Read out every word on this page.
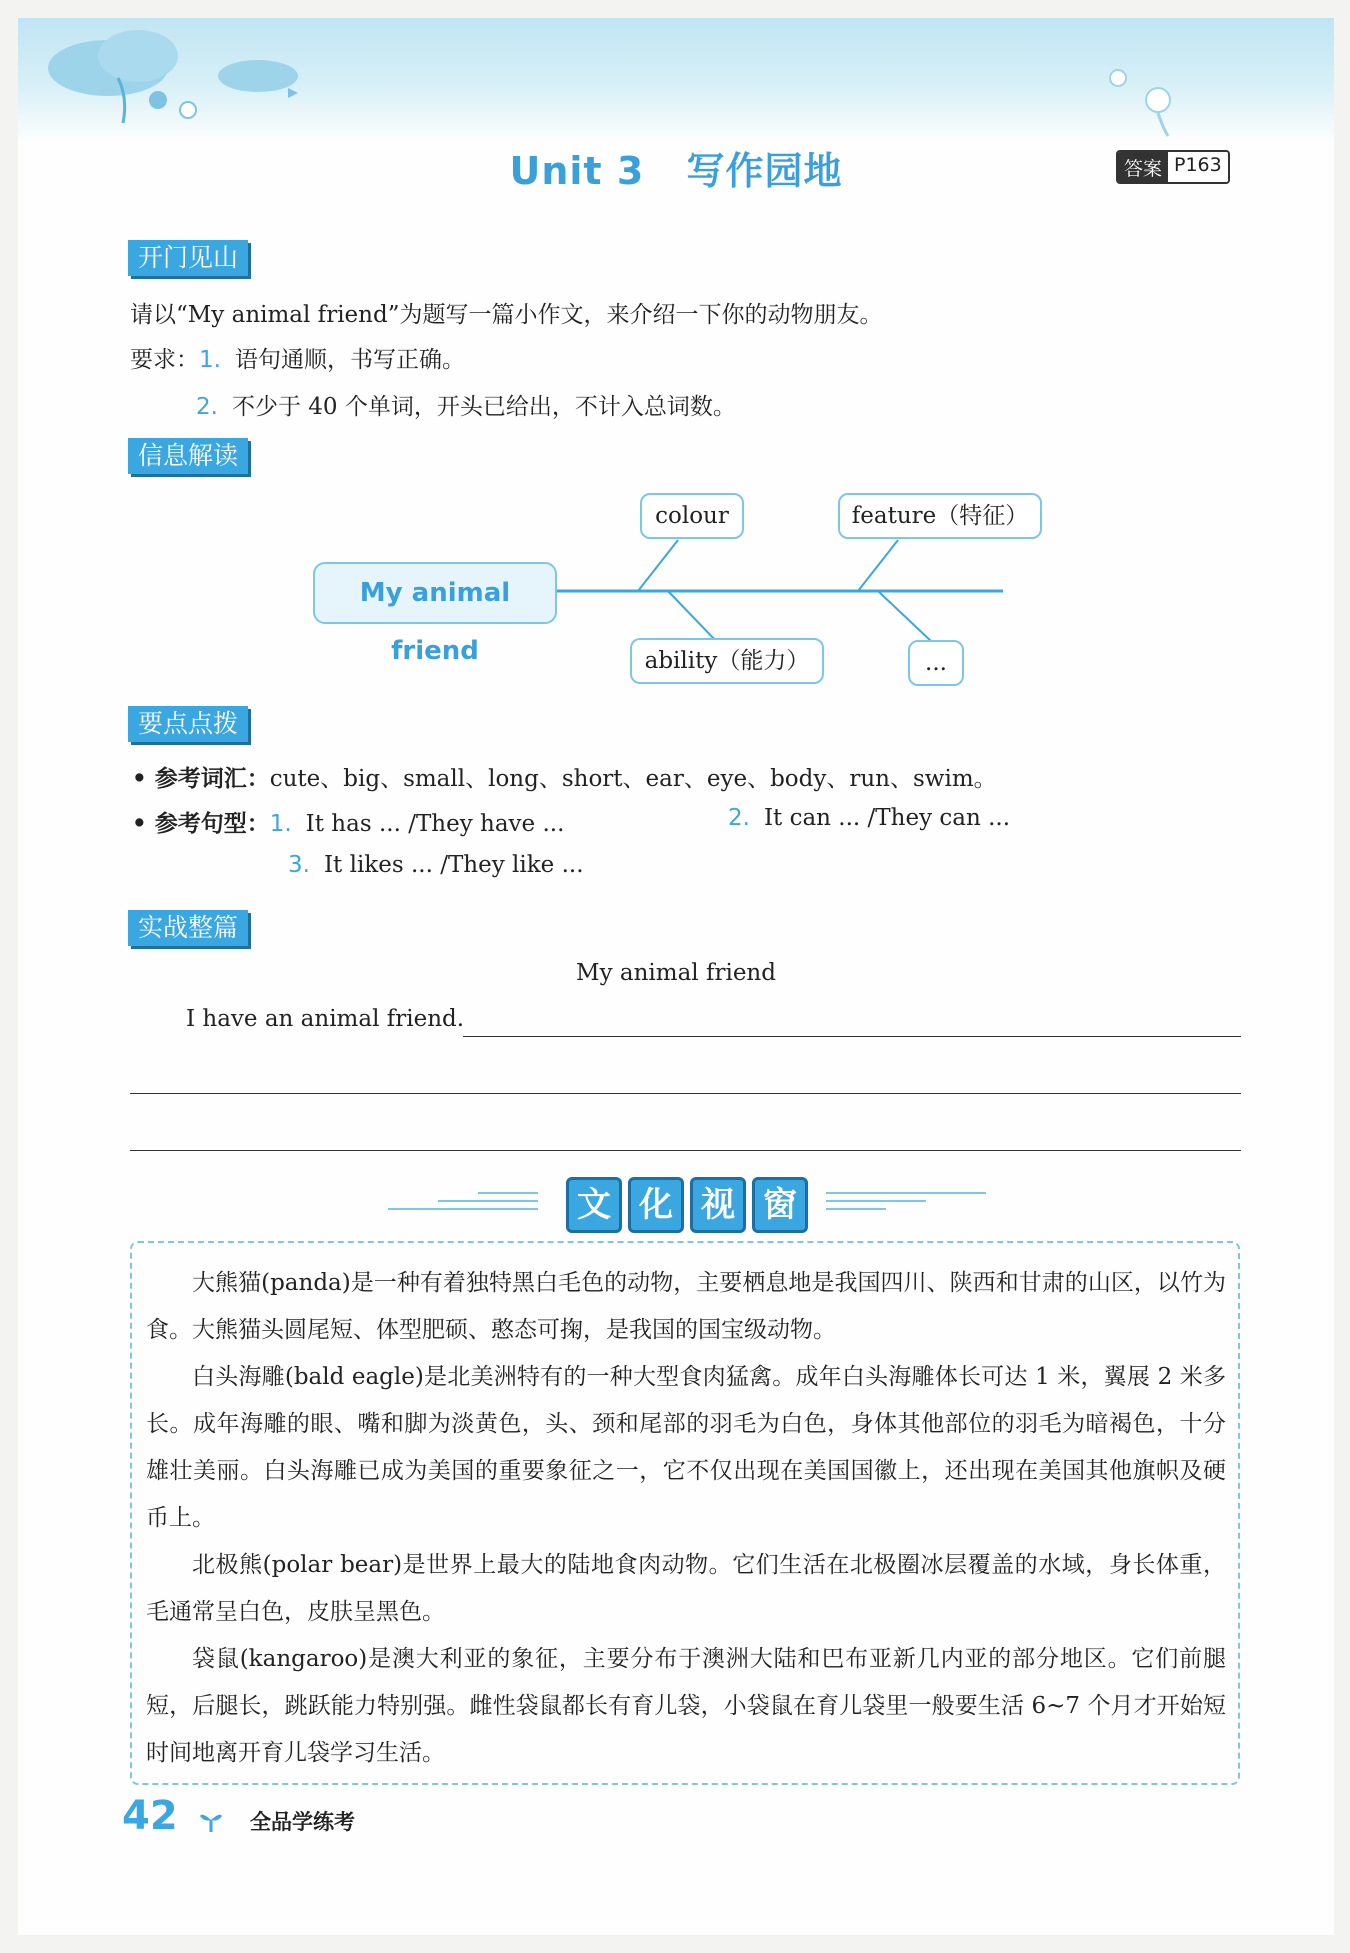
Unit 3 写作园地	答案 P163
开门见山
请以“My animal friend”为题写一篇小作文，来介绍一下你的动物朋友。
要求：1. 语句通顺，书写正确。
2. 不少于 40 个单词，开头已给出，不计入总词数。
信息解读
My animal friend
colour	feature（特征）
ability（能力）	...
要点点拨
• 参考词汇：cute、big、small、long、short、ear、eye、body、run、swim。
• 参考句型：1. It has ... /They have ...	2. It can ... /They can ...
3. It likes ... /They like ...
实战整篇
My animal friend
I have an animal friend.
文 化 视 窗

大熊猫(panda)是一种有着独特黑白毛色的动物，主要栖息地是我国四川、陕西和甘肃的山区，以竹为食。大熊猫头圆尾短、体型肥硕、憨态可掬，是我国的国宝级动物。

白头海雕(bald eagle)是北美洲特有的一种大型食肉猛禽。成年白头海雕体长可达 1 米，翼展 2 米多长。成年海雕的眼、嘴和脚为淡黄色，头、颈和尾部的羽毛为白色，身体其他部位的羽毛为暗褐色，十分雄壮美丽。白头海雕已成为美国的重要象征之一，它不仅出现在美国国徽上，还出现在美国其他旗帜及硬币上。

北极熊(polar bear)是世界上最大的陆地食肉动物。它们生活在北极圈冰层覆盖的水域，身长体重，毛通常呈白色，皮肤呈黑色。

袋鼠(kangaroo)是澳大利亚的象征，主要分布于澳洲大陆和巴布亚新几内亚的部分地区。它们前腿短，后腿长，跳跃能力特别强。雌性袋鼠都长有育儿袋，小袋鼠在育儿袋里一般要生活 6~7 个月才开始短时间地离开育儿袋学习生活。

42	全品学练考
